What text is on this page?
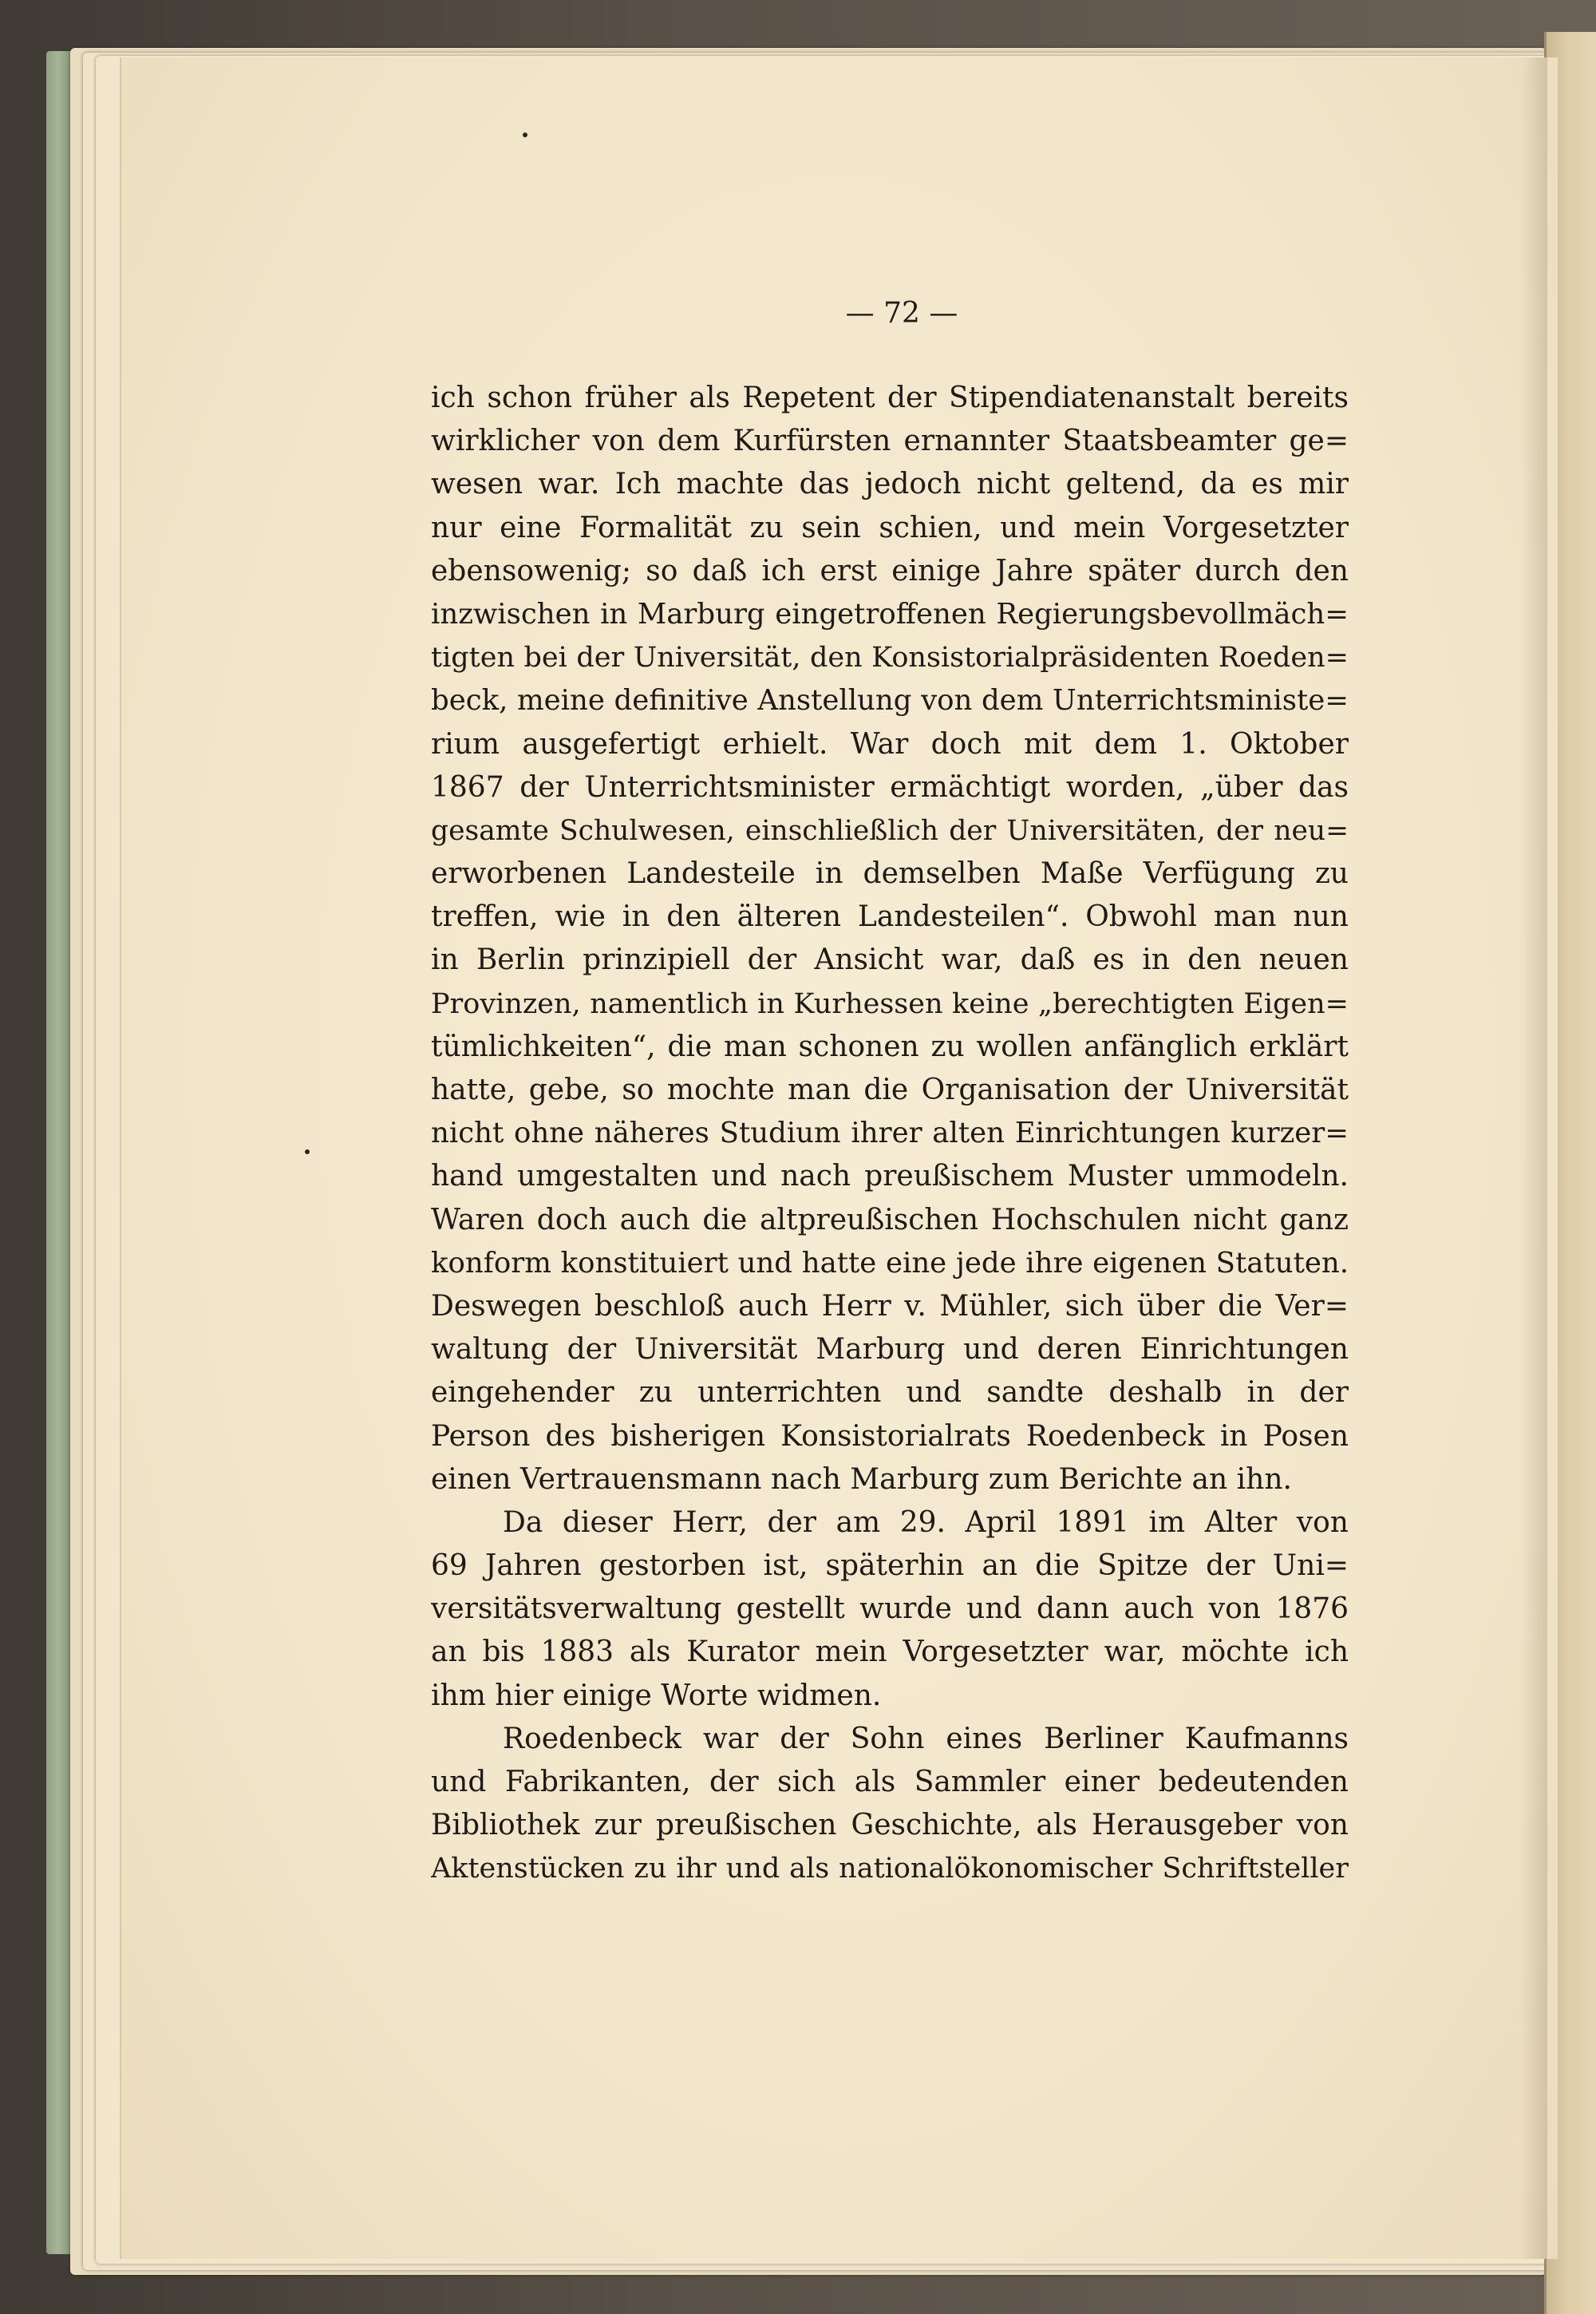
— 72 —
ich schon früher als Repetent der Stipendiatenanstalt bereits
wirklicher von dem Kurfürsten ernannter Staatsbeamter ge=
wesen war. Ich machte das jedoch nicht geltend, da es mir
nur eine Formalität zu sein schien, und mein Vorgesetzter
ebensowenig; so daß ich erst einige Jahre später durch den
inzwischen in Marburg eingetroffenen Regierungsbevollmäch=
tigten bei der Universität, den Konsistorialpräsidenten Roeden=
beck, meine definitive Anstellung von dem Unterrichtsministe=
rium ausgefertigt erhielt. War doch mit dem 1. Oktober
1867 der Unterrichtsminister ermächtigt worden, „über das
gesamte Schulwesen, einschließlich der Universitäten, der neu=
erworbenen Landesteile in demselben Maße Verfügung zu
treffen, wie in den älteren Landesteilen“. Obwohl man nun
in Berlin prinzipiell der Ansicht war, daß es in den neuen
Provinzen, namentlich in Kurhessen keine „berechtigten Eigen=
tümlichkeiten“, die man schonen zu wollen anfänglich erklärt
hatte, gebe, so mochte man die Organisation der Universität
nicht ohne näheres Studium ihrer alten Einrichtungen kurzer=
hand umgestalten und nach preußischem Muster ummodeln.
Waren doch auch die altpreußischen Hochschulen nicht ganz
konform konstituiert und hatte eine jede ihre eigenen Statuten.
Deswegen beschloß auch Herr v. Mühler, sich über die Ver=
waltung der Universität Marburg und deren Einrichtungen
eingehender zu unterrichten und sandte deshalb in der
Person des bisherigen Konsistorialrats Roedenbeck in Posen
einen Vertrauensmann nach Marburg zum Berichte an ihn.
Da dieser Herr, der am 29. April 1891 im Alter von
69 Jahren gestorben ist, späterhin an die Spitze der Uni=
versitätsverwaltung gestellt wurde und dann auch von 1876
an bis 1883 als Kurator mein Vorgesetzter war, möchte ich
ihm hier einige Worte widmen.
Roedenbeck war der Sohn eines Berliner Kaufmanns
und Fabrikanten, der sich als Sammler einer bedeutenden
Bibliothek zur preußischen Geschichte, als Herausgeber von
Aktenstücken zu ihr und als nationalökonomischer Schriftsteller
